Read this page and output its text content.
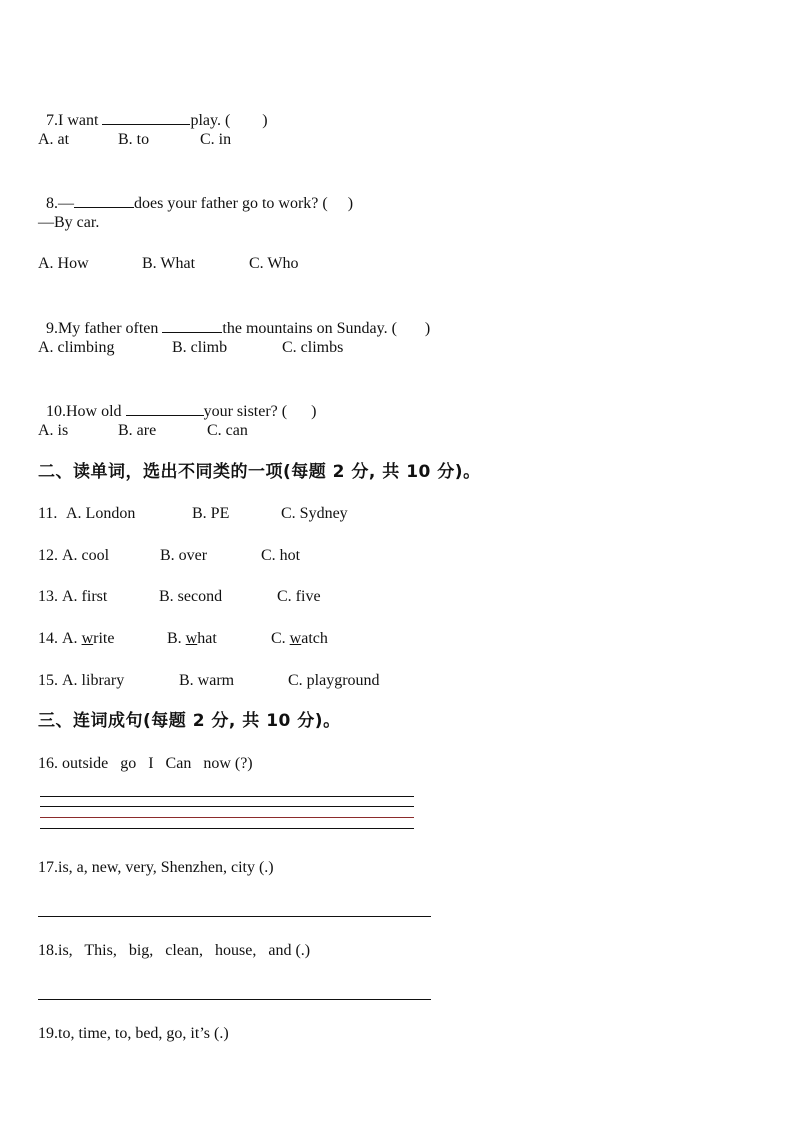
7.I want	play. (        )

A. at	B. to	C. in

8.—	does your father go to work? (     )

—By car.
A. How	B. What	C. Who

9.My father often	the mountains on Sunday. (       )

A. climbing	B. climb	C. climbs

10.How old	your sister? (      )

A. is	B. are	C. can
二、读单词，选出不同类的一项(每题 2 分, 共 10 分)。
11. A. London	B. PE	C. Sydney
12. A. cool	B. over	C. hot
13. A. first	B. second	C. five
14. A. write	B. what	C. watch
15. A. library	B. warm	C. playground
三、连词成句(每题 2 分, 共 10 分)。
16. outside   go   I   Can   now (?)
17.is, a, new, very, Shenzhen, city (.)
18.is,   This,   big,   clean,   house,   and (.)
19.to, time, to, bed, go, it’s (.)
